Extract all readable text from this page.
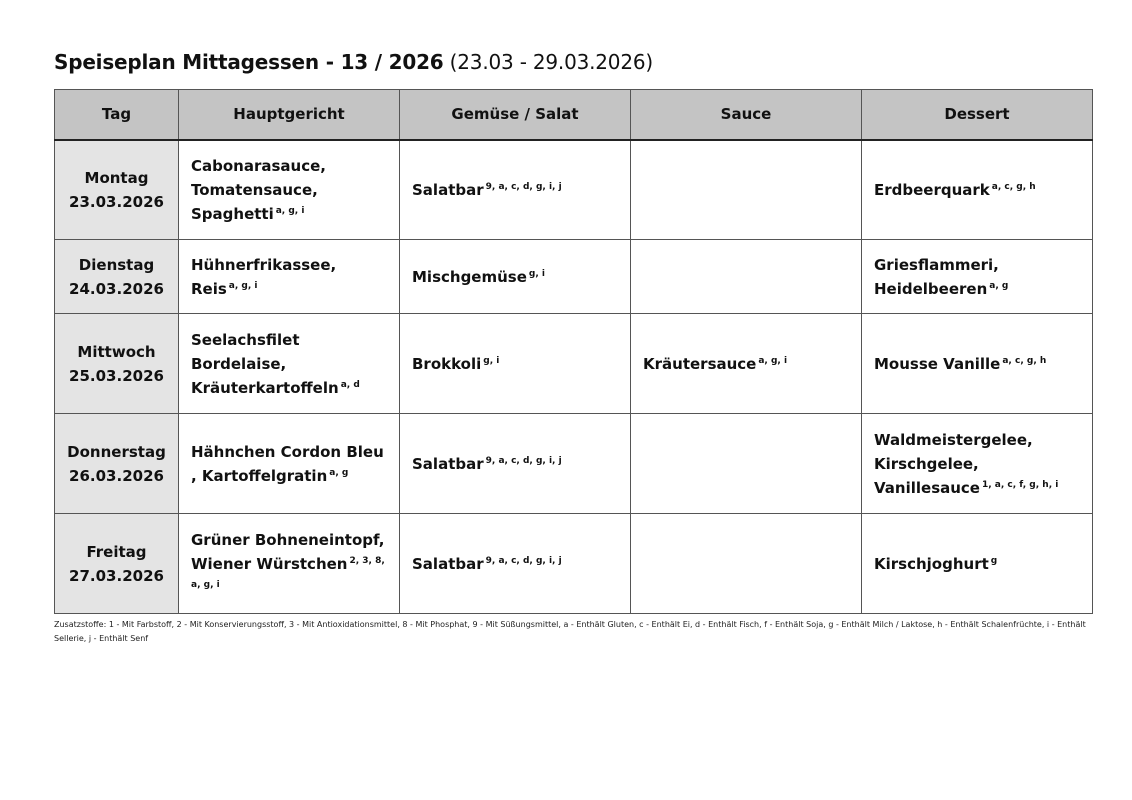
Speiseplan Mittagessen - 13 / 2026 (23.03 - 29.03.2026)
Tag	Hauptgericht	Gemüse / Salat	Sauce	Dessert

Montag
23.03.2026	Cabonarasauce, Tomatensauce, Spaghetti $^{a, g, i}$	Salatbar $^{9, a, c, d, g, i, j}$		Erdbeerquark $^{a, c, g, h}$

Dienstag
24.03.2026	Hühnerfrikassee, Reis $^{a, g, i}$	Mischgemüse $^{g, i}$		Griesflammeri, Heidelbeeren $^{a, g}$

Mittwoch
25.03.2026	Seelachsfilet Bordelaise, Kräuterkartoffeln $^{a, d}$	Brokkoli $^{g, i}$	Kräutersauce $^{a, g, i}$	Mousse Vanille $^{a, c, g, h}$

Donnerstag
26.03.2026	Hähnchen Cordon Bleu , Kartoffelgratin $^{a, g}$	Salatbar $^{9, a, c, d, g, i, j}$		Waldmeistergelee, Kirschgelee, Vanillesauce $^{1, a, c, f, g, h, i}$

Freitag
27.03.2026	Grüner Bohneneintopf, Wiener Würstchen $^{2, 3, 8, a, g, i}$	Salatbar $^{9, a, c, d, g, i, j}$		Kirschjoghurt $^g$
Zusatzstoffe: 1 - Mit Farbstoff, 2 - Mit Konservierungsstoff, 3 - Mit Antioxidationsmittel, 8 - Mit Phosphat, 9 - Mit Süßungsmittel, a - Enthält Gluten, c - Enthält Ei, d - Enthält Fisch, f - Enthält Soja, g - Enthält Milch / Laktose, h - Enthält Schalenfrüchte, i - Enthält Sellerie, j - Enthält Senf
